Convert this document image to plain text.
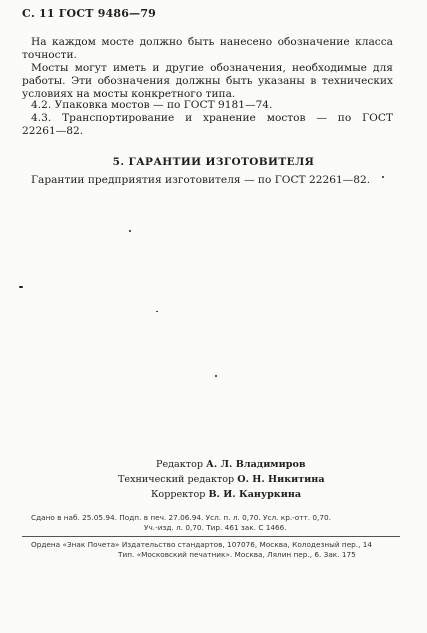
С. 11 ГОСТ 9486—79
На каждом мосте должно быть нанесено обозначение класса
точности.
Мосты могут иметь и другие обозначения, необходимые для
работы. Эти обозначения должны быть указаны в технических
условиях на мосты конкретного типа.
4.2. Упаковка мостов — по ГОСТ 9181—74.
4.3. Транспортирование и хранение мостов — по ГОСТ
22261—82.
5. ГАРАНТИИ ИЗГОТОВИТЕЛЯ
Гарантии предприятия изготовителя — по ГОСТ 22261—82.
Редактор А. Л. Владимиров
Технический редактор О. Н. Никитина
Корректор В. И. Кануркина
Сдано в наб. 25.05.94. Подп. в печ. 27.06.94. Усл. п. л. 0,70. Усл. кр.-отт. 0,70.
Уч.-изд. л. 0,70. Тир. 461 зак. С 1466.
Ордена «Знак Почета» Издательство стандартов, 107076, Москва, Колодезный пер., 14
Тип. «Московский печатник». Москва, Лялин пер., 6. Зак. 175
